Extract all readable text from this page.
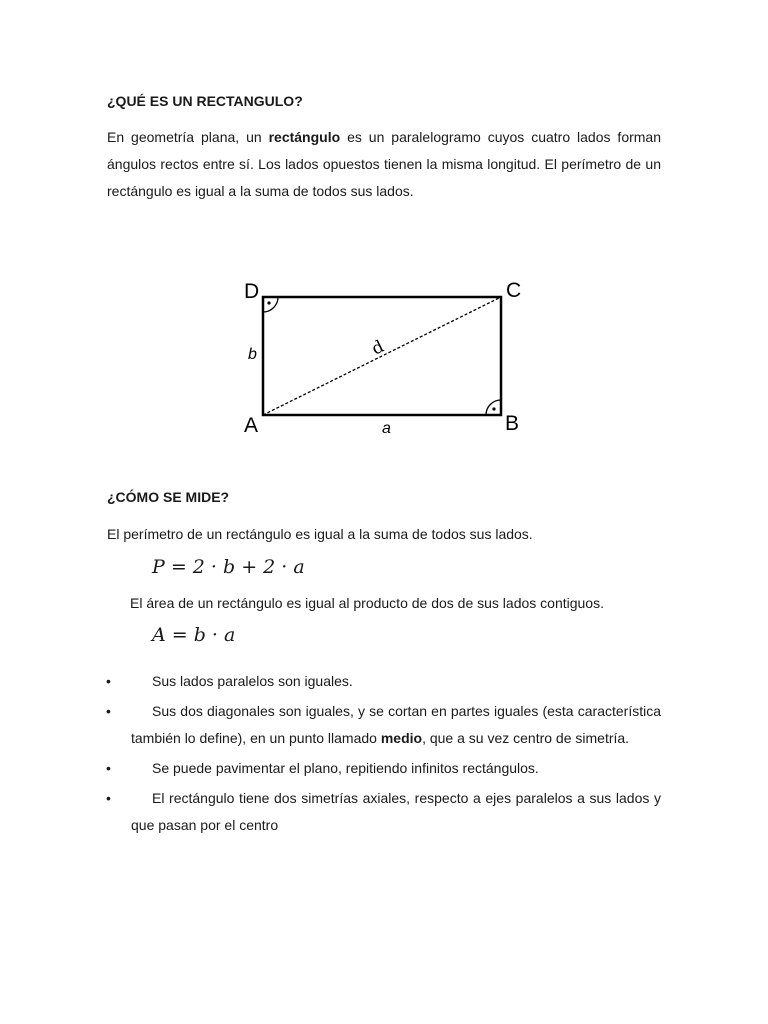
¿QUÉ ES UN RECTANGULO?

En geometría plana, un rectángulo es un paralelogramo cuyos cuatro lados forman ángulos rectos entre sí. Los lados opuestos tienen la misma longitud. El perímetro de un rectángulo es igual a la suma de todos sus lados.

D	C
A	B
b
a
d
¿CÓMO SE MIDE?

El perímetro de un rectángulo es igual a la suma de todos sus lados.

P = 2 · b + 2 · a

El área de un rectángulo es igual al producto de dos de sus lados contiguos.

A = b · a

•	Sus lados paralelos son iguales.
•	Sus dos diagonales son iguales, y se cortan en partes iguales (esta característica también lo define), en un punto llamado medio, que a su vez centro de simetría.
•	Se puede pavimentar el plano, repitiendo infinitos rectángulos.
•	El rectángulo tiene dos simetrías axiales, respecto a ejes paralelos a sus lados y que pasan por el centro
